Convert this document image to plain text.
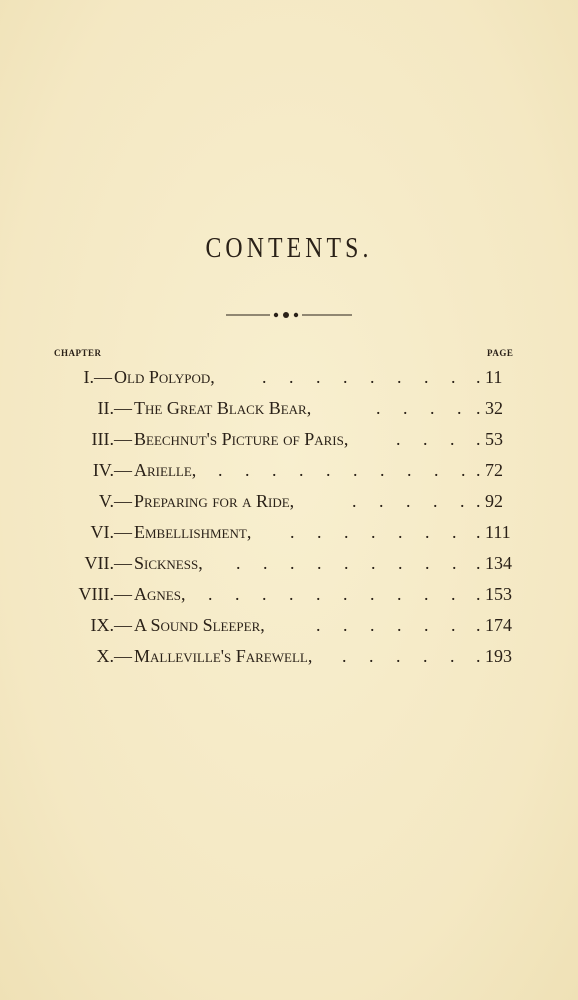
CONTENTS.
CHAPTER	PAGE
. . . . . . . .
I.— Old Polypod,	. 11
. . . .
II.— The Great Black Bear,	. 32
. . .
III.— Beechnut's Picture of Paris,	. 53
. . . . . . . . . .
IV.— Arielle,	. 72
. . . . .
V.— Preparing for a Ride,	. 92
. . . . . . .
VI.— Embellishment,	. 111
. . . . . . . . .
VII.— Sickness,	. 134
. . . . . . . . . .
VIII.— Agnes,	. 153
. . . . . .
IX.— A Sound Sleeper,	. 174
. . . . .
X.— Malleville's Farewell,	. 193
